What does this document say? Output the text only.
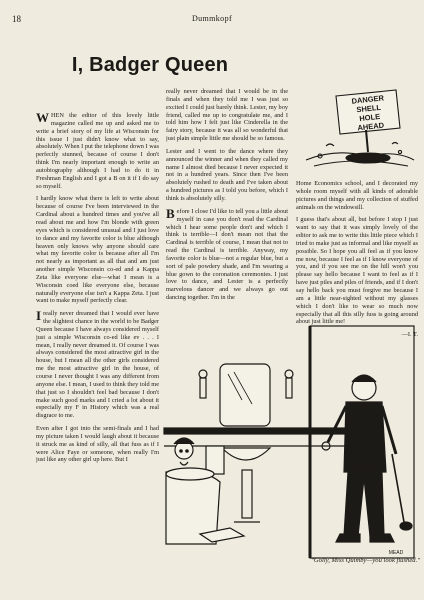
18	Dummkopf
I, Badger Queen

WHEN the editor of this lovely little magazine called me up and asked me to write a brief story of my life at Wisconsin for this issue I just didn't know what to say, absolutely. When I put the telephone down I was perfectly stunned, because of course I don't think I'm nearly important enough to write an autobiography although I had to do it in Freshman English and I got a B on it if I do say so myself.

I hardly know what there is left to write about because of course I've been interviewed in the Cardinal about a hundred times and you've all read about me and how I'm blonde with green eyes which is considered unusual and I just love to dance and my favorite color is blue although heaven only knows why anyone should care what my favorite color is because after all I'm not nearly as important as all that and am just another simple Wisconsin co-ed and a Kappa Zeta like everyone else—what I mean is a Wisconsin coed like everyone else, because naturally everyone else isn't a Kappa Zeta. I just want to make myself perfectly clear.

Ireally never dreamed that I would ever have the slightest chance in the world to be Badger Queen because I have always considered myself just a simple Wisconsin co-ed like ev . . . I mean, I really never dreamed it. Of course I was always considered the most attractive girl in the house, but I mean all the other girls considered me the most attractive girl in the house, of course I never thought I was any different from anyone else. I mean, I used to think they told me that just so I shouldn't feel bad because I don't make such good marks and I cried a lot about it especially my F in History which was a real disgrace to me.

Even after I got into the semi-finals and I had my picture taken I would laugh about it because it struck me as kind of silly, all that fuss as if I were Alice Faye or someone, when really I'm just like any other girl up here. But I

really never dreamed that I would be in the finals and when they told me I was just so excited I could just barely think. Lester, my boy friend, called me up to congratulate me, and I told him how I felt just like Cinderella in the fairy story, because it was all so wonderful that just plain simple little me should be so famous.

Lester and I went to the dance where they announced the winner and when they called my name I almost died because I never expected it not in a hundred years. Since then I've been absolutely rushed to death and I've taken about a hundred pictures as I told you before, which I think is absolutely silly.

Before I close I'd like to tell you a little about myself in case you don't read the Cardinal which I hear some people don't and which I think is terrible—I don't mean not that the Cardinal is terrible of course, I mean that not to read the Cardinal is terrible. Anyway, my favorite color is blue—not a regular blue, but a sort of pale powdery shade, and I'm wearing a blue gown to the coronation ceremonies. I just love to dance, and Lester is a perfectly marvelous dancer and we always go out dancing together. I'm in the

Home Economics school, and I decorated my whole room myself with all kinds of adorable pictures and things and my collection of stuffed animals on the windowsill.

I guess that's about all, but before I stop I just want to say that it was simply lovely of the editor to ask me to write this little piece which I tried to make just as informal and like myself as possible. So I hope you all feel as if you know me now, because I feel as if I know everyone of you, and if you see me on the hill won't you please say hello because I want to feel as if I have just piles and piles of friends, and if I don't say hello back you must forgive me because I am a little near-sighted without my glasses which I don't like to wear so much now especially that all this silly fuss is going around about just little me!

—I. T.

DANGER
SHELL
HOLE
AHEAD
MEAD
"Golly, Miss Quimby—you look flushed."
